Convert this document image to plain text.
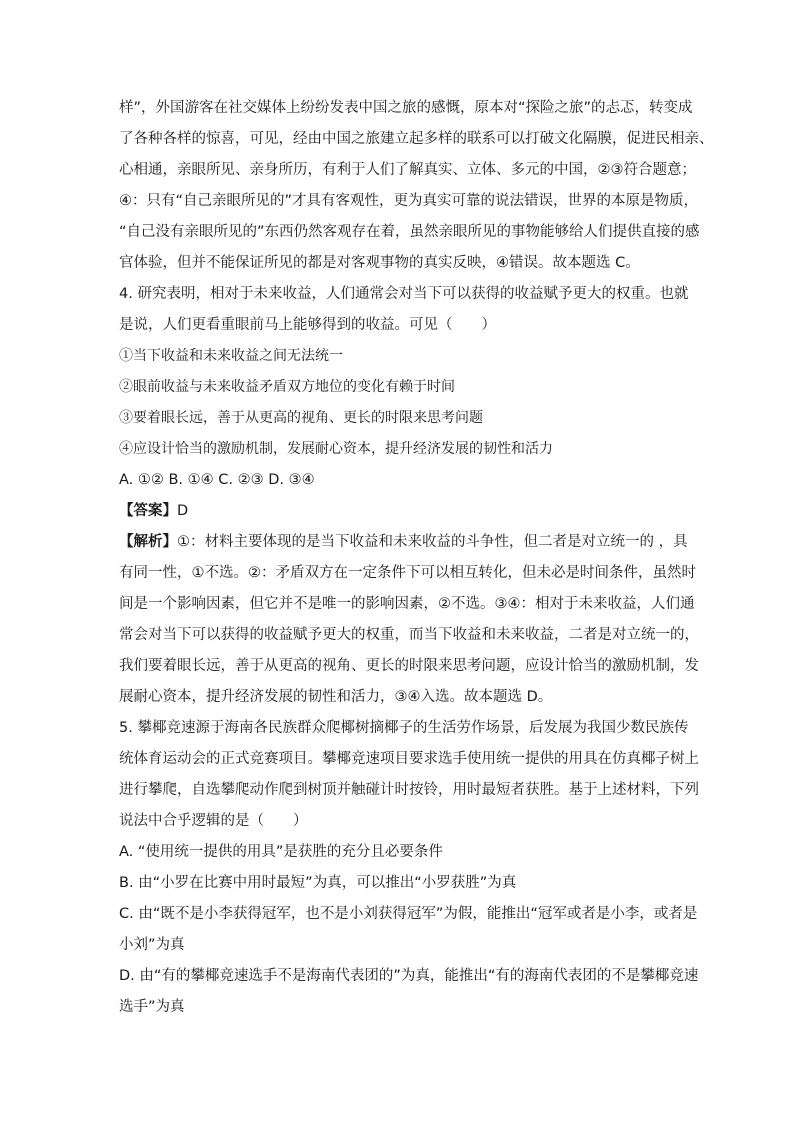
样”，外国游客在社交媒体上纷纷发表中国之旅的感慨，原本对“探险之旅”的忐忑，转变成
了各种各样的惊喜，可见，经由中国之旅建立起多样的联系可以打破文化隔膜，促进民相亲、
心相通，亲眼所见、亲身所历，有利于人们了解真实、立体、多元的中国，②③符合题意；
④：只有“自己亲眼所见的”才具有客观性，更为真实可靠的说法错误，世界的本原是物质，
“自己没有亲眼所见的”东西仍然客观存在着，虽然亲眼所见的事物能够给人们提供直接的感
官体验，但并不能保证所见的都是对客观事物的真实反映，④错误。故本题选 C。
4. 研究表明，相对于未来收益，人们通常会对当下可以获得的收益赋予更大的权重。也就
是说，人们更看重眼前马上能够得到的收益。可见（　　）
①当下收益和未来收益之间无法统一
②眼前收益与未来收益矛盾双方地位的变化有赖于时间
③要着眼长远，善于从更高的视角、更长的时限来思考问题
④应设计恰当的激励机制，发展耐心资本，提升经济发展的韧性和活力
A. ①② B. ①④ C. ②③ D. ③④
【答案】D
【解析】①：材料主要体现的是当下收益和未来收益的斗争性，但二者是对立统一的 ，具
有同一性，①不选。②：矛盾双方在一定条件下可以相互转化，但未必是时间条件，虽然时
间是一个影响因素，但它并不是唯一的影响因素，②不选。③④：相对于未来收益，人们通
常会对当下可以获得的收益赋予更大的权重，而当下收益和未来收益，二者是对立统一的，
我们要着眼长远，善于从更高的视角、更长的时限来思考问题，应设计恰当的激励机制，发
展耐心资本，提升经济发展的韧性和活力，③④入选。故本题选 D。
5. 攀椰竞速源于海南各民族群众爬椰树摘椰子的生活劳作场景，后发展为我国少数民族传
统体育运动会的正式竞赛项目。攀椰竞速项目要求选手使用统一提供的用具在仿真椰子树上
进行攀爬，自选攀爬动作爬到树顶并触碰计时按铃，用时最短者获胜。基于上述材料，下列
说法中合乎逻辑的是（　　）
A. “使用统一提供的用具”是获胜的充分且必要条件
B. 由“小罗在比赛中用时最短”为真，可以推出“小罗获胜”为真
C. 由“既不是小李获得冠军，也不是小刘获得冠军”为假，能推出“冠军或者是小李，或者是
小刘”为真
D. 由“有的攀椰竞速选手不是海南代表团的”为真，能推出“有的海南代表团的不是攀椰竞速
选手”为真
